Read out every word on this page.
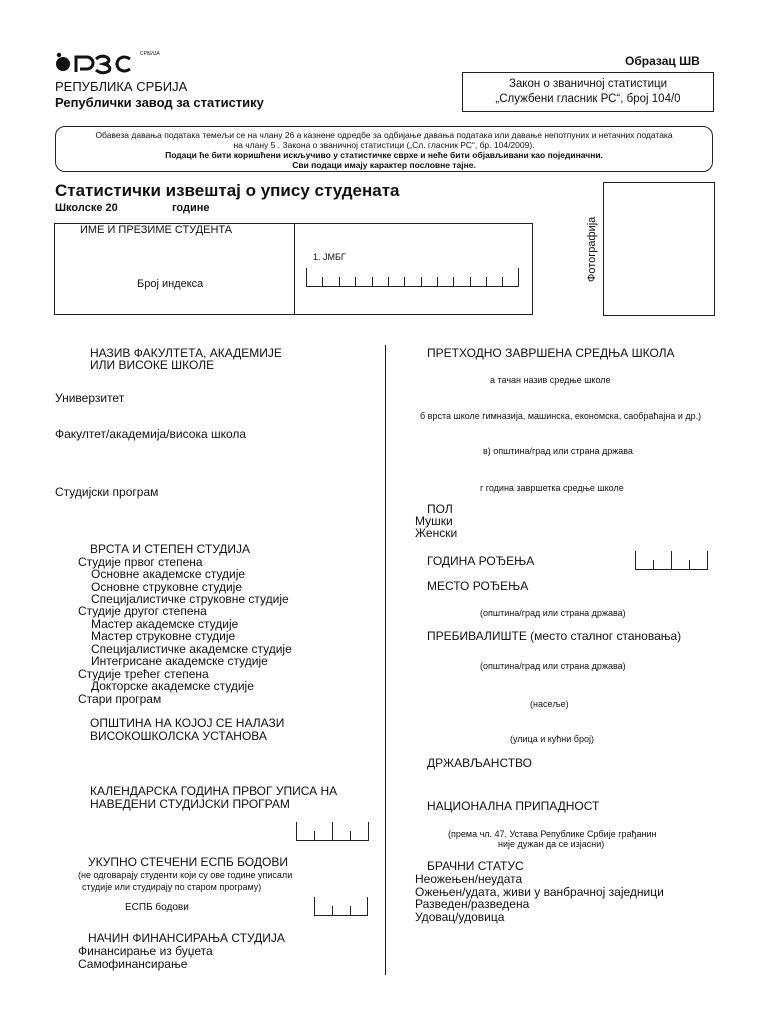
СРБИЈА	Образац ШВ
РЕПУБЛИКА СРБИЈА
Републички завод за статистику
Закон о званичној статистици
„Службени гласник РС“, број 104/0
Обавеза давања података темељи се на члану 26 а казнене одредбе за одбијање давања података или давање непотпуних и нетачних података
на члану 5 . Закона о званичној статистици („Сл. гласник РС“, бр. 104/2009).
Подаци ће бити коришћени искључиво у статистичке сврхе и неће бити објављивани као појединачни.
Сви подаци имају карактер пословне тајне.
Статистички извештај о упису студената
Школске 20	године
Фотографија
ИМЕ И ПРЕЗИМЕ СТУДЕНТА
Број индекса
1. ЈМБГ
НАЗИВ ФАКУЛТЕТА, АКАДЕМИЈЕ
ИЛИ ВИСОКЕ ШКОЛЕ
Универзитет
Факултет/академија/висока школа
Студијски програм
ВРСТА И СТЕПЕН СТУДИЈА
Студије првог степена
Основне академске студије
Основне струковне студије
Специјалистичке струковне студије
Студије другог степена
Мастер академске студије
Мастер струковне студије
Специјалистичке академске студије
Интегрисане академске студије
Студије трећег степена
Докторске академске студије
Стари програм
ОПШТИНА НА КОЈОЈ СЕ НАЛАЗИ
ВИСОКОШКОЛСКА УСТАНОВА
КАЛЕНДАРСКА ГОДИНА ПРВОГ УПИСА НА
НАВЕДЕНИ СТУДИЈСКИ ПРОГРАМ
УКУПНО СТЕЧЕНИ ЕСПБ БОДОВИ
(не одговарају студенти који су ове године уписали
студије или студирају по старом програму)
ЕСПБ бодови
НАЧИН ФИНАНСИРАЊА СТУДИЈА
Финансирање из буџета
Самофинансирање
ПРЕТХОДНО ЗАВРШЕНА СРЕДЊА ШКОЛА
а тачан назив средње школе
б врста школе гимназија, машинска, економска, саобраћајна и др.)
в) општина/град или страна држава
г година завршетка средње школе
ПОЛ
Мушки
Женски
ГОДИНА РОЂЕЊА
МЕСТО РОЂЕЊА
(општина/град или страна држава)
ПРЕБИВАЛИШТЕ (место сталног становања)
(општина/град или страна држава)
(насеље)
(улица и кућни број)
ДРЖАВЉАНСТВО
НАЦИОНАЛНА ПРИПАДНОСТ
(према чл. 47. Устава Републике Србије грађанин
није дужан да се изјасни)
БРАЧНИ СТАТУС
Неожењен/неудата
Ожењен/удата, живи у ванбрачној заједници
Разведен/разведена
Удовац/удовица
